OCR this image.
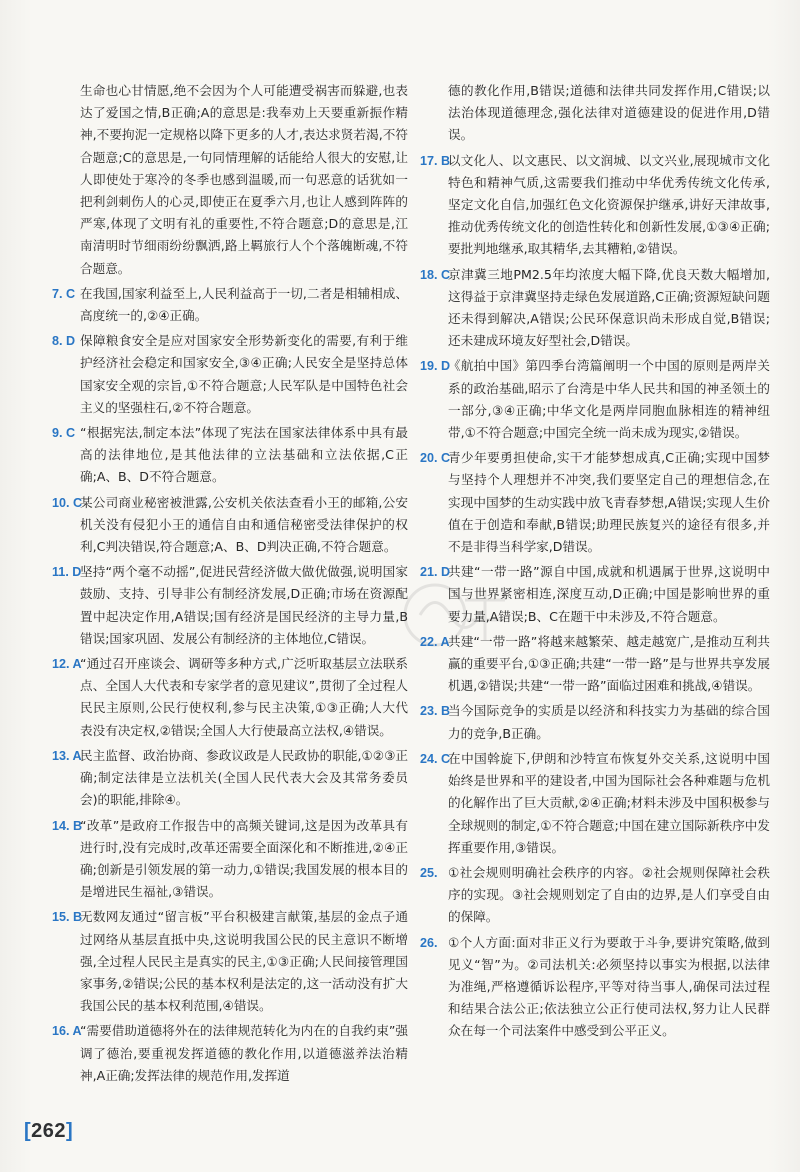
生命也心甘情愿,绝不会因为个人可能遭受祸害而躲避,也表达了爱国之情,B正确;A的意思是:我奉劝上天要重新振作精神,不要拘泥一定规格以降下更多的人才,表达求贤若渴,不符合题意;C的意思是,一句同情理解的话能给人很大的安慰,让人即使处于寒冷的冬季也感到温暖,而一句恶意的话犹如一把利剑刺伤人的心灵,即使正在夏季六月,也让人感到阵阵的严寒,体现了文明有礼的重要性,不符合题意;D的意思是,江南清明时节细雨纷纷飘洒,路上羁旅行人个个落魄断魂,不符合题意。
7. C 在我国,国家利益至上,人民利益高于一切,二者是相辅相成、高度统一的,②④正确。
8. D 保障粮食安全是应对国家安全形势新变化的需要,有利于维护经济社会稳定和国家安全,③④正确;人民安全是坚持总体国家安全观的宗旨,①不符合题意;人民军队是中国特色社会主义的坚强柱石,②不符合题意。
9. C “根据宪法,制定本法”体现了宪法在国家法律体系中具有最高的法律地位,是其他法律的立法基础和立法依据,C正确;A、B、D不符合题意。
10. C
某公司商业秘密被泄露,公安机关依法查看小王的邮箱,公安机关没有侵犯小王的通信自由和通信秘密受法律保护的权利,C判决错误,符合题意;A、B、D判决正确,不符合题意。
11. D
坚持“两个毫不动摇”,促进民营经济做大做优做强,说明国家鼓励、支持、引导非公有制经济发展,D正确;市场在资源配置中起决定作用,A错误;国有经济是国民经济的主导力量,B错误;国家巩固、发展公有制经济的主体地位,C错误。
12. A
“通过召开座谈会、调研等多种方式,广泛听取基层立法联系点、全国人大代表和专家学者的意见建议”,贯彻了全过程人民民主原则,公民行使权利,参与民主决策,①③正确;人大代表没有决定权,②错误;全国人大行使最高立法权,④错误。
13. A
民主监督、政治协商、参政议政是人民政协的职能,①②③正确;制定法律是立法机关(全国人民代表大会及其常务委员会)的职能,排除④。
14. B
“改革”是政府工作报告中的高频关键词,这是因为改革具有进行时,没有完成时,改革还需要全面深化和不断推进,②④正确;创新是引领发展的第一动力,①错误;我国发展的根本目的是增进民生福祉,③错误。
15. B
无数网友通过“留言板”平台积极建言献策,基层的金点子通过网络从基层直抵中央,这说明我国公民的民主意识不断增强,全过程人民民主是真实的民主,①③正确;人民间接管理国家事务,②错误;公民的基本权利是法定的,这一活动没有扩大我国公民的基本权利范围,④错误。
16. A
“需要借助道德将外在的法律规范转化为内在的自我约束”强调了德治,要重视发挥道德的教化作用,以道德滋养法治精神,A正确;发挥法律的规范作用,发挥道
德的教化作用,B错误;道德和法律共同发挥作用,C错误;以法治体现道德理念,强化法律对道德建设的促进作用,D错误。
17. B
以文化人、以文惠民、以文润城、以文兴业,展现城市文化特色和精神气质,这需要我们推动中华优秀传统文化传承,坚定文化自信,加强红色文化资源保护继承,讲好天津故事,推动优秀传统文化的创造性转化和创新性发展,①③④正确;要批判地继承,取其精华,去其糟粕,②错误。
18. C
京津冀三地PM2.5年均浓度大幅下降,优良天数大幅增加,这得益于京津冀坚持走绿色发展道路,C正确;资源短缺问题还未得到解决,A错误;公民环保意识尚未形成自觉,B错误;还未建成环境友好型社会,D错误。
19. D
《航拍中国》第四季台湾篇阐明一个中国的原则是两岸关系的政治基础,昭示了台湾是中华人民共和国的神圣领土的一部分,③④正确;中华文化是两岸同胞血脉相连的精神纽带,①不符合题意;中国完全统一尚未成为现实,②错误。
20. C
青少年要勇担使命,实干才能梦想成真,C正确;实现中国梦与坚持个人理想并不冲突,我们要坚定自己的理想信念,在实现中国梦的生动实践中放飞青春梦想,A错误;实现人生价值在于创造和奉献,B错误;助理民族复兴的途径有很多,并不是非得当科学家,D错误。
21. D
共建“一带一路”源自中国,成就和机遇属于世界,这说明中国与世界紧密相连,深度互动,D正确;中国是影响世界的重要力量,A错误;B、C在题干中未涉及,不符合题意。
22. A
共建“一带一路”将越来越繁荣、越走越宽广,是推动互利共赢的重要平台,①③正确;共建“一带一路”是与世界共享发展机遇,②错误;共建“一带一路”面临过困难和挑战,④错误。
23. B
当今国际竞争的实质是以经济和科技实力为基础的综合国力的竞争,B正确。
24. C
在中国斡旋下,伊朗和沙特宣布恢复外交关系,这说明中国始终是世界和平的建设者,中国为国际社会各种难题与危机的化解作出了巨大贡献,②④正确;材料未涉及中国积极参与全球规则的制定,①不符合题意;中国在建立国际新秩序中发挥重要作用,③错误。
25. ①社会规则明确社会秩序的内容。②社会规则保障社会秩序的实现。③社会规则划定了自由的边界,是人们享受自由的保障。
26. ①个人方面:面对非正义行为要敢于斗争,要讲究策略,做到见义“智”为。②司法机关:必须坚持以事实为根据,以法律为准绳,严格遵循诉讼程序,平等对待当事人,确保司法过程和结果合法公正;依法独立公正行使司法权,努力让人民群众在每一个司法案件中感受到公平正义。
[262]
